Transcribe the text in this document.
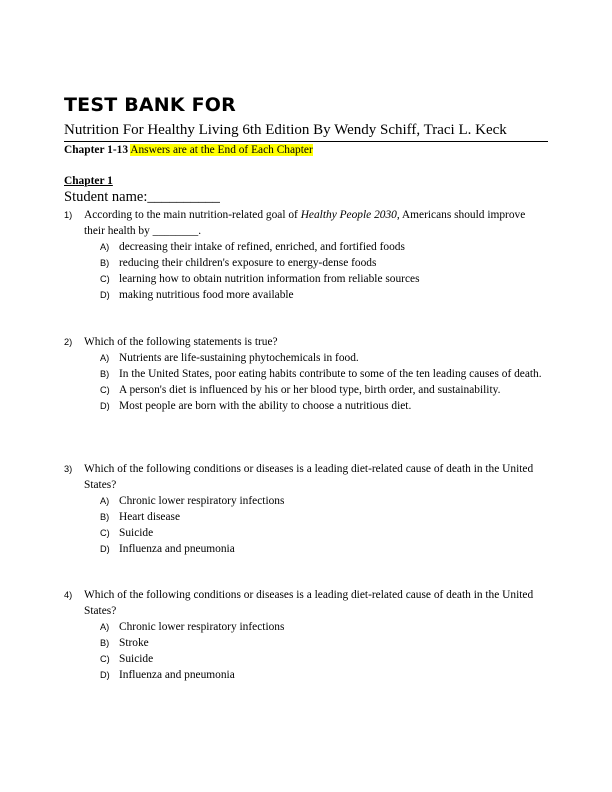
TEST BANK FOR
Nutrition For Healthy Living 6th Edition By Wendy Schiff, Traci L. Keck
Chapter 1-13 Answers are at the End of Each Chapter
Chapter 1
Student name:__________
1) According to the main nutrition-related goal of Healthy People 2030, Americans should improve their health by ________.
A) decreasing their intake of refined, enriched, and fortified foods
B) reducing their children's exposure to energy-dense foods
C) learning how to obtain nutrition information from reliable sources
D) making nutritious food more available
2) Which of the following statements is true?
A) Nutrients are life-sustaining phytochemicals in food.
B) In the United States, poor eating habits contribute to some of the ten leading causes of death.
C) A person's diet is influenced by his or her blood type, birth order, and sustainability.
D) Most people are born with the ability to choose a nutritious diet.
3) Which of the following conditions or diseases is a leading diet-related cause of death in the United States?
A) Chronic lower respiratory infections
B) Heart disease
C) Suicide
D) Influenza and pneumonia
4) Which of the following conditions or diseases is a leading diet-related cause of death in the United States?
A) Chronic lower respiratory infections
B) Stroke
C) Suicide
D) Influenza and pneumonia
